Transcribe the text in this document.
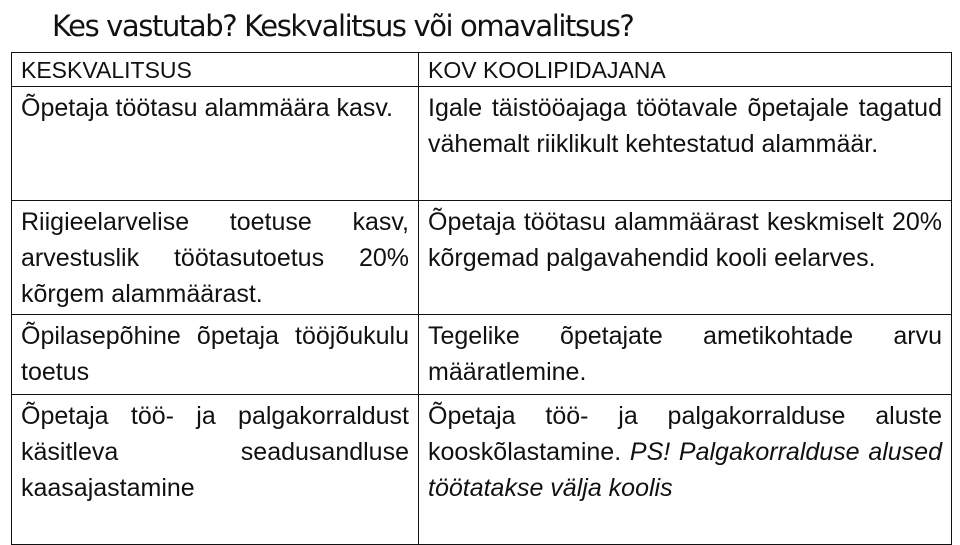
Kes vastutab? Keskvalitsus või omavalitsus?
KESKVALITSUS	KOV KOOLIPIDAJANA
Õpetaja töötasu alammäära kasv.	Igale täistööajaga töötavale õpetajale tagatud vähemalt riiklikult kehtestatud alammäär.
Riigieelarvelise toetuse kasv, arvestuslik töötasutoetus 20% kõrgem alammäärast.	Õpetaja töötasu alammäärast keskmiselt 20% kõrgemad palgavahendid kooli eelarves.
Õpilasepõhine õpetaja tööjõukulu toetus	Tegelike õpetajate ametikohtade arvu määratlemine.
Õpetaja töö- ja palgakorraldust käsitleva seadusandluse kaasajastamine	Õpetaja töö- ja palgakorralduse aluste kooskõlastamine. PS! Palgakorralduse alused töötatakse välja koolis
